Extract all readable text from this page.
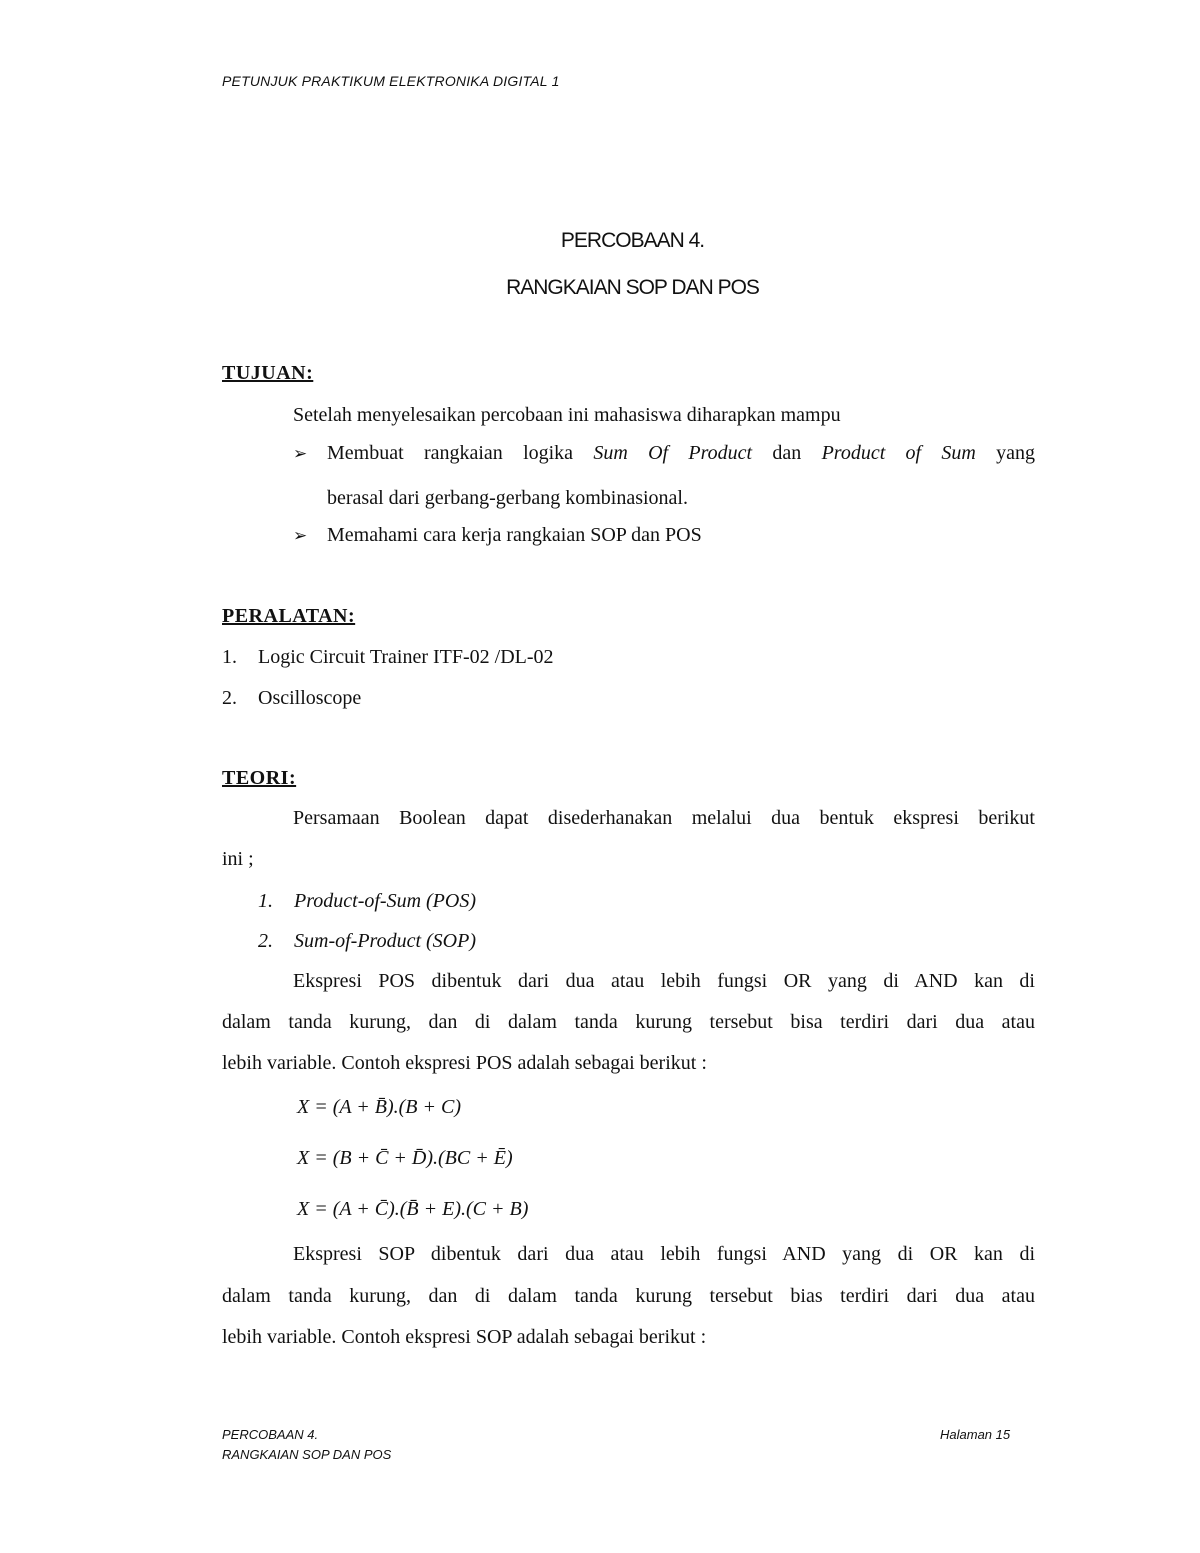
PETUNJUK PRAKTIKUM ELEKTRONIKA DIGITAL 1
PERCOBAAN 4.
RANGKAIAN SOP DAN POS
TUJUAN:
Setelah menyelesaikan percobaan ini mahasiswa diharapkan mampu
➢ Membuat rangkaian logika Sum Of Product dan Product of Sum yang
berasal dari gerbang-gerbang kombinasional.
➢ Memahami cara kerja rangkaian SOP dan POS
PERALATAN:
1. Logic Circuit Trainer ITF-02 /DL-02
2. Oscilloscope
TEORI:
Persamaan Boolean dapat disederhanakan melalui dua bentuk ekspresi berikut
ini ;
1. Product-of-Sum (POS)
2. Sum-of-Product (SOP)
Ekspresi POS dibentuk dari dua atau lebih fungsi OR yang di AND kan di
dalam tanda kurung, dan di dalam tanda kurung tersebut bisa terdiri dari dua atau
lebih variable. Contoh ekspresi POS adalah sebagai berikut :
X = (A + B̄).(B + C)
X = (B + C̄ + D̄).(BC + Ē)
X = (A + C̄).(B̄ + E).(C + B)
Ekspresi SOP dibentuk dari dua atau lebih fungsi AND yang di OR kan di
dalam tanda kurung, dan di dalam tanda kurung tersebut bias terdiri dari dua atau
lebih variable. Contoh ekspresi SOP adalah sebagai berikut :
PERCOBAAN 4.
RANGKAIAN SOP DAN POS
Halaman 15
